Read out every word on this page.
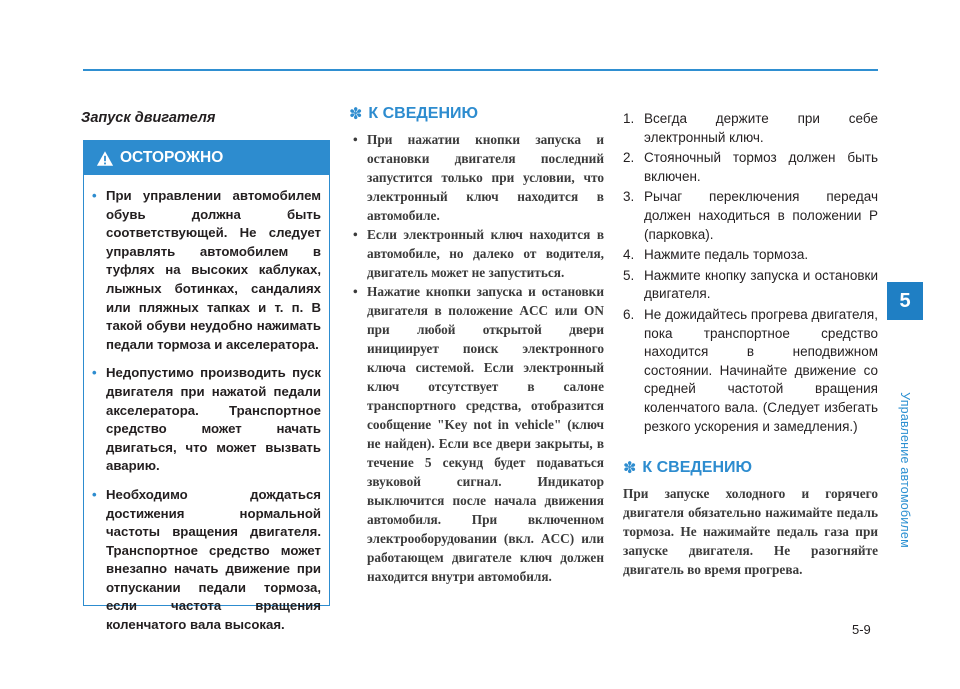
Запуск двигателя
ОСТОРОЖНО
• При управлении автомобилем обувь должна быть соответствующей. Не следует управлять автомобилем в туфлях на высоких каблуках, лыжных ботинках, сандалиях или пляжных тапках и т. п. В такой обуви неудобно нажимать педали тормоза и акселератора.
• Недопустимо производить пуск двигателя при нажатой педали акселератора. Транспортное средство может начать двигаться, что может вызвать аварию.
• Необходимо дождаться достижения нормальной частоты вращения двигателя. Транспортное средство может внезапно начать движение при отпускании педали тормоза, если частота вращения коленчатого вала высокая.
✽ К СВЕДЕНИЮ
• При нажатии кнопки запуска и остановки двигателя последний запустится только при условии, что электронный ключ находится в автомобиле.
• Если электронный ключ находится в автомобиле, но далеко от водителя, двигатель может не запуститься.
• Нажатие кнопки запуска и остановки двигателя в положение ACC или ON при любой открытой двери инициирует поиск электронного ключа системой. Если электронный ключ отсутствует в салоне транспортного средства, отобразится сообщение "Key not in vehicle" (ключ не найден). Если все двери закрыты, в течение 5 секунд будет подаваться звуковой сигнал. Индикатор выключится после начала движения автомобиля. При включенном электрооборудовании (вкл. ACC) или работающем двигателе ключ должен находится внутри автомобиля.
1. Всегда держите при себе электронный ключ.
2. Стояночный тормоз должен быть включен.
3. Рычаг переключения передач должен находиться в положении P (парковка).
4. Нажмите педаль тормоза.
5. Нажмите кнопку запуска и остановки двигателя.
6. Не дожидайтесь прогрева двигателя, пока транспортное средство находится в неподвижном состоянии. Начинайте движение со средней частотой вращения коленчатого вала. (Следует избегать резкого ускорения и замедления.)
✽ К СВЕДЕНИЮ
При запуске холодного и горячего двигателя обязательно нажимайте педаль тормоза. Не нажимайте педаль газа при запуске двигателя. Не разогняйте двигатель во время прогрева.
5
Управление автомобилем
5-9
